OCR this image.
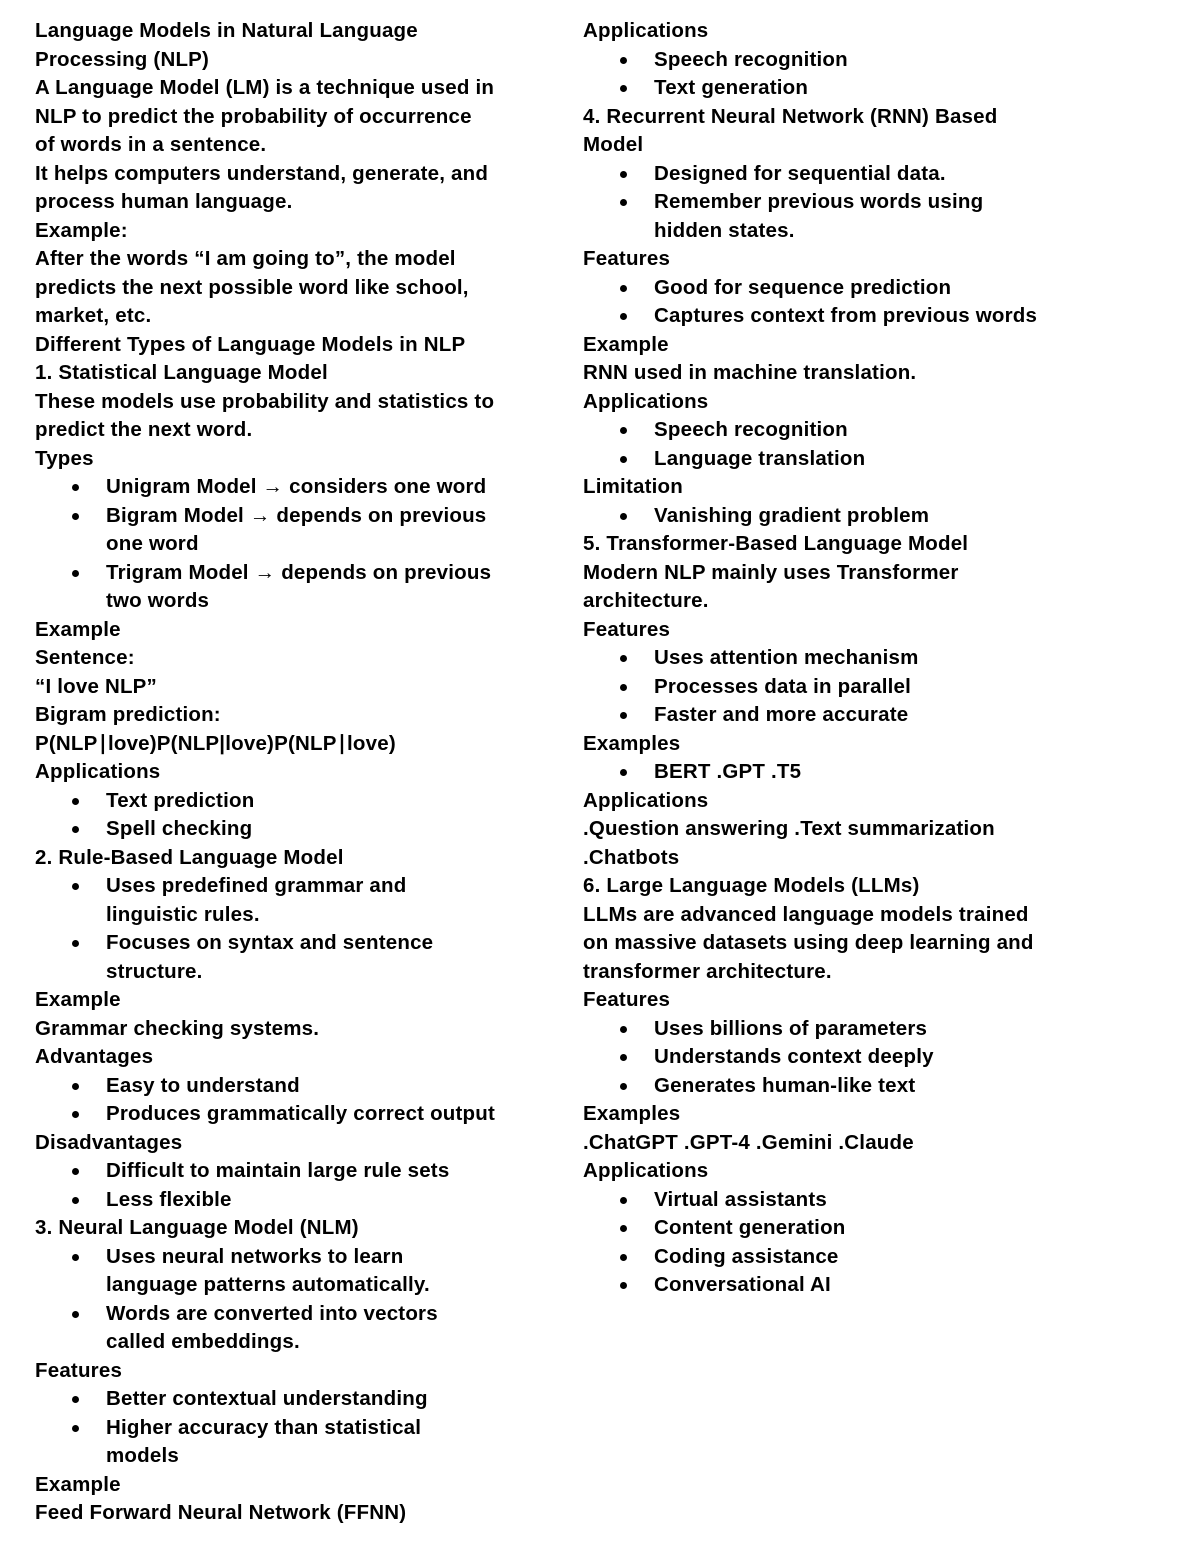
Language Models in Natural Language
Processing (NLP)
A Language Model (LM) is a technique used in
NLP to predict the probability of occurrence
of words in a sentence.
It helps computers understand, generate, and
process human language.
Example:
After the words “I am going to”, the model
predicts the next possible word like school,
market, etc.
Different Types of Language Models in NLP
1. Statistical Language Model
These models use probability and statistics to
predict the next word.
Types
Unigram Model → considers one word
Bigram Model → depends on previous
one word
Trigram Model → depends on previous
two words
Example
Sentence:
“I love NLP”
Bigram prediction:
P(NLP∣love)P(NLP|love)P(NLP∣love)
Applications
Text prediction
Spell checking
2. Rule-Based Language Model
Uses predefined grammar and
linguistic rules.
Focuses on syntax and sentence
structure.
Example
Grammar checking systems.
Advantages
Easy to understand
Produces grammatically correct output
Disadvantages
Difficult to maintain large rule sets
Less flexible
3. Neural Language Model (NLM)
Uses neural networks to learn
language patterns automatically.
Words are converted into vectors
called embeddings.
Features
Better contextual understanding
Higher accuracy than statistical
models
Example
Feed Forward Neural Network (FFNN)
Applications
Speech recognition
Text generation
4. Recurrent Neural Network (RNN) Based
Model
Designed for sequential data.
Remember previous words using
hidden states.
Features
Good for sequence prediction
Captures context from previous words
Example
RNN used in machine translation.
Applications
Speech recognition
Language translation
Limitation
Vanishing gradient problem
5. Transformer-Based Language Model
Modern NLP mainly uses Transformer
architecture.
Features
Uses attention mechanism
Processes data in parallel
Faster and more accurate
Examples
BERT .GPT .T5
Applications
.Question answering .Text summarization
.Chatbots
6. Large Language Models (LLMs)
LLMs are advanced language models trained
on massive datasets using deep learning and
transformer architecture.
Features
Uses billions of parameters
Understands context deeply
Generates human-like text
Examples
.ChatGPT .GPT-4 .Gemini .Claude
Applications
Virtual assistants
Content generation
Coding assistance
Conversational AI
